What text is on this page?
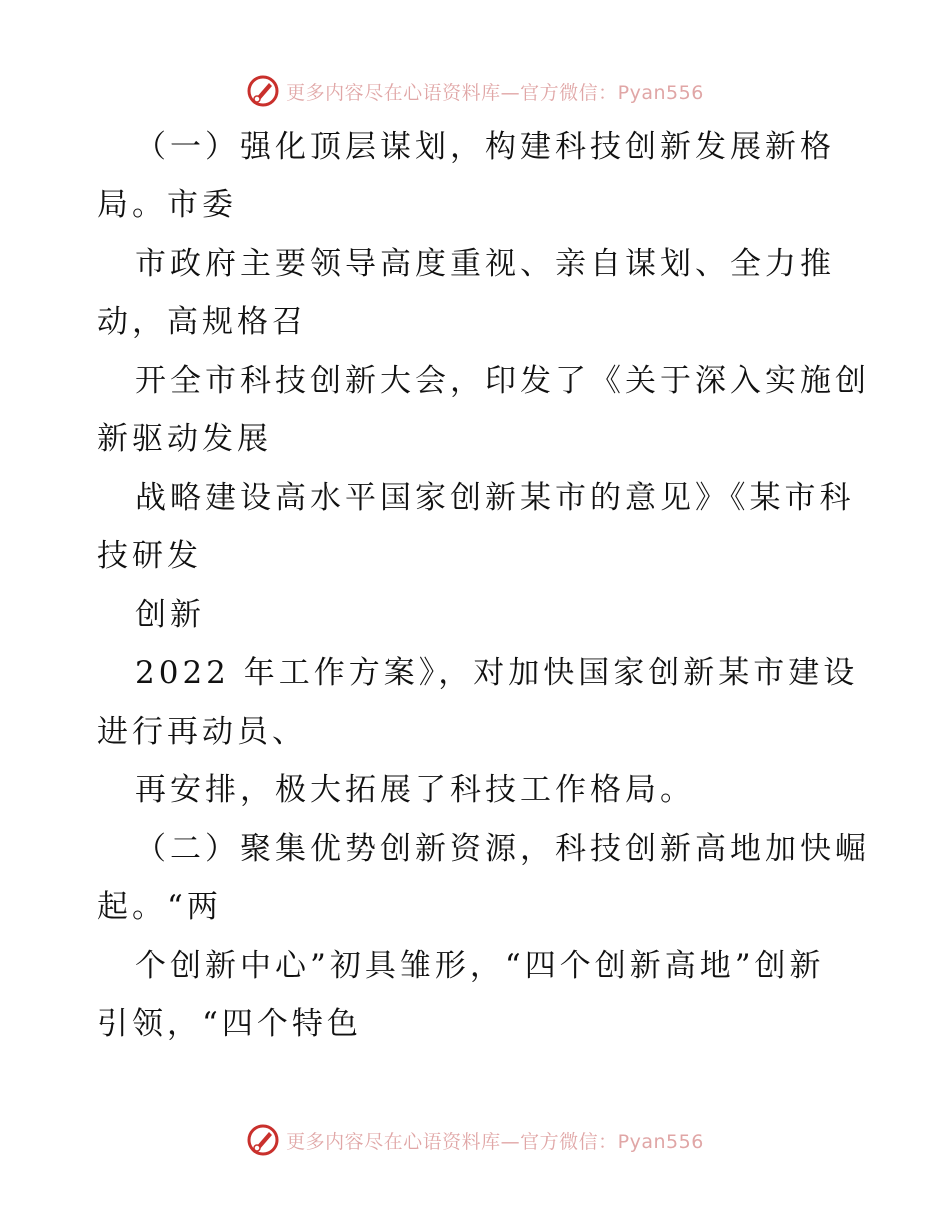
更多内容尽在心语资料库—官方微信：Pyan556
（一）强化顶层谋划，构建科技创新发展新格
局。市委
市政府主要领导高度重视、亲自谋划、全力推
动，高规格召
开全市科技创新大会，印发了《关于深入实施创
新驱动发展
战略建设高水平国家创新某市的意见》《某市科
技研发
创新
2022 年工作方案》，对加快国家创新某市建设
进行再动员、
再安排，极大拓展了科技工作格局。
（二）聚集优势创新资源，科技创新高地加快崛
起。“两
个创新中心”初具雏形，“四个创新高地”创新
引领，“四个特色
更多内容尽在心语资料库—官方微信：Pyan556
